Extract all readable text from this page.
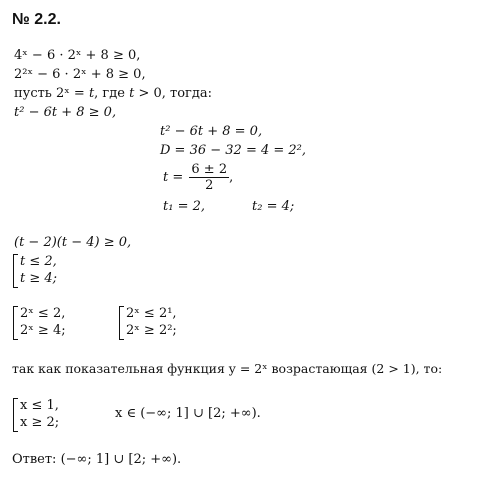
№ 2.2.
4ˣ − 6 · 2ˣ + 8 ≥ 0,
2²ˣ − 6 · 2ˣ + 8 ≥ 0,
пусть 2ˣ = t, где t > 0, тогда:
t² − 6t + 8 ≥ 0,
t² − 6t + 8 = 0,
D = 36 − 32 = 4 = 2²,
$t = \frac{6 \pm 2}{2}$ ,
t₁ = 2,	t₂ = 4;
(t − 2)(t − 4) ≥ 0,
t ≤ 2,
t ≥ 4;
2ˣ ≤ 2,
2ˣ ≥ 4;
2ˣ ≤ 2¹,
2ˣ ≥ 2²;
так как показательная функция y = 2ˣ возрастающая (2 > 1), то:
x ≤ 1,
x ≥ 2;
x ∈ (−∞; 1] ∪ [2; +∞).
Ответ: (−∞; 1] ∪ [2; +∞).
